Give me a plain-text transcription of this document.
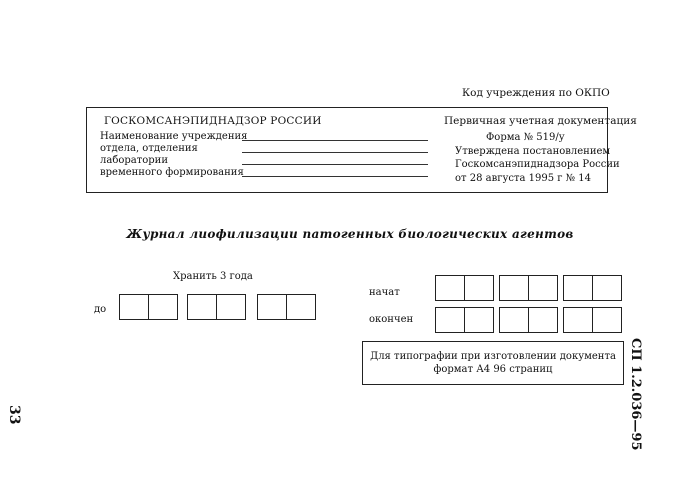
Код учреждения по ОКПО
ГОСКОМСАНЭПИДНАДЗОР РОССИИ	Первичная учетная документация
Наименование учреждения
отдела, отделения
лаборатории
временного формирования
Форма № 519/у
Утверждена постановлением
Госкомсанэпиднадзора России
от 28 августа 1995 г № 14
Журнал лиофилизации патогенных биологических агентов
Хранить 3 года
до
начат
окончен
Для типографии при изготовлении документа
формат А4 96 страниц
33	СП 1.2.036—95
